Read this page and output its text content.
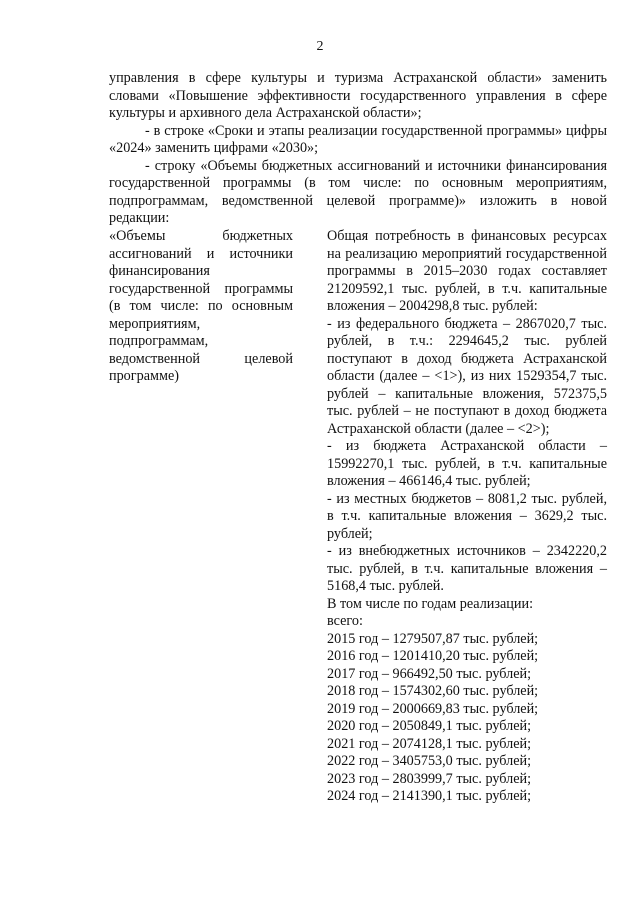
2

управления в сфере культуры и туризма Астраханской области» заменить словами «Повышение эффективности государственного управления в сфере культуры и архивного дела Астраханской области»;

- в строке «Сроки и этапы реализации государственной программы» цифры «2024» заменить цифрами «2030»;

- строку «Объемы бюджетных ассигнований и источники финансирования государственной программы (в том числе: по основным мероприятиям, подпрограммам, ведомственной целевой программе)» изложить в новой редакции:

«Объемы бюджетных ассигнований и источники финансирования государственной программы (в том числе: по основным мероприятиям, подпрограммам, ведомственной целевой программе)

Общая потребность в финансовых ресурсах на реализацию мероприятий государственной программы в 2015–2030 годах составляет 21209592,1 тыс. рублей, в т.ч. капитальные вложения – 2004298,8 тыс. рублей:

- из федерального бюджета – 2867020,7 тыс. рублей, в т.ч.: 2294645,2 тыс. рублей поступают в доход бюджета Астраханской области (далее – <1>), из них 1529354,7 тыс. рублей – капитальные вложения, 572375,5 тыс. рублей – не поступают в доход бюджета Астраханской области (далее – <2>);

- из бюджета Астраханской области – 15992270,1 тыс. рублей, в т.ч. капитальные вложения – 466146,4 тыс. рублей;

- из местных бюджетов – 8081,2 тыс. рублей, в т.ч. капитальные вложения – 3629,2 тыс. рублей;

- из внебюджетных источников – 2342220,2 тыс. рублей, в т.ч. капитальные вложения – 5168,4 тыс. рублей.

В том числе по годам реализации:

всего:

2015 год – 1279507,87 тыс. рублей;

2016 год – 1201410,20 тыс. рублей;

2017 год – 966492,50 тыс. рублей;

2018 год – 1574302,60 тыс. рублей;

2019 год – 2000669,83 тыс. рублей;

2020 год – 2050849,1 тыс. рублей;

2021 год – 2074128,1 тыс. рублей;

2022 год – 3405753,0 тыс. рублей;

2023 год – 2803999,7 тыс. рублей;

2024 год – 2141390,1 тыс. рублей;
